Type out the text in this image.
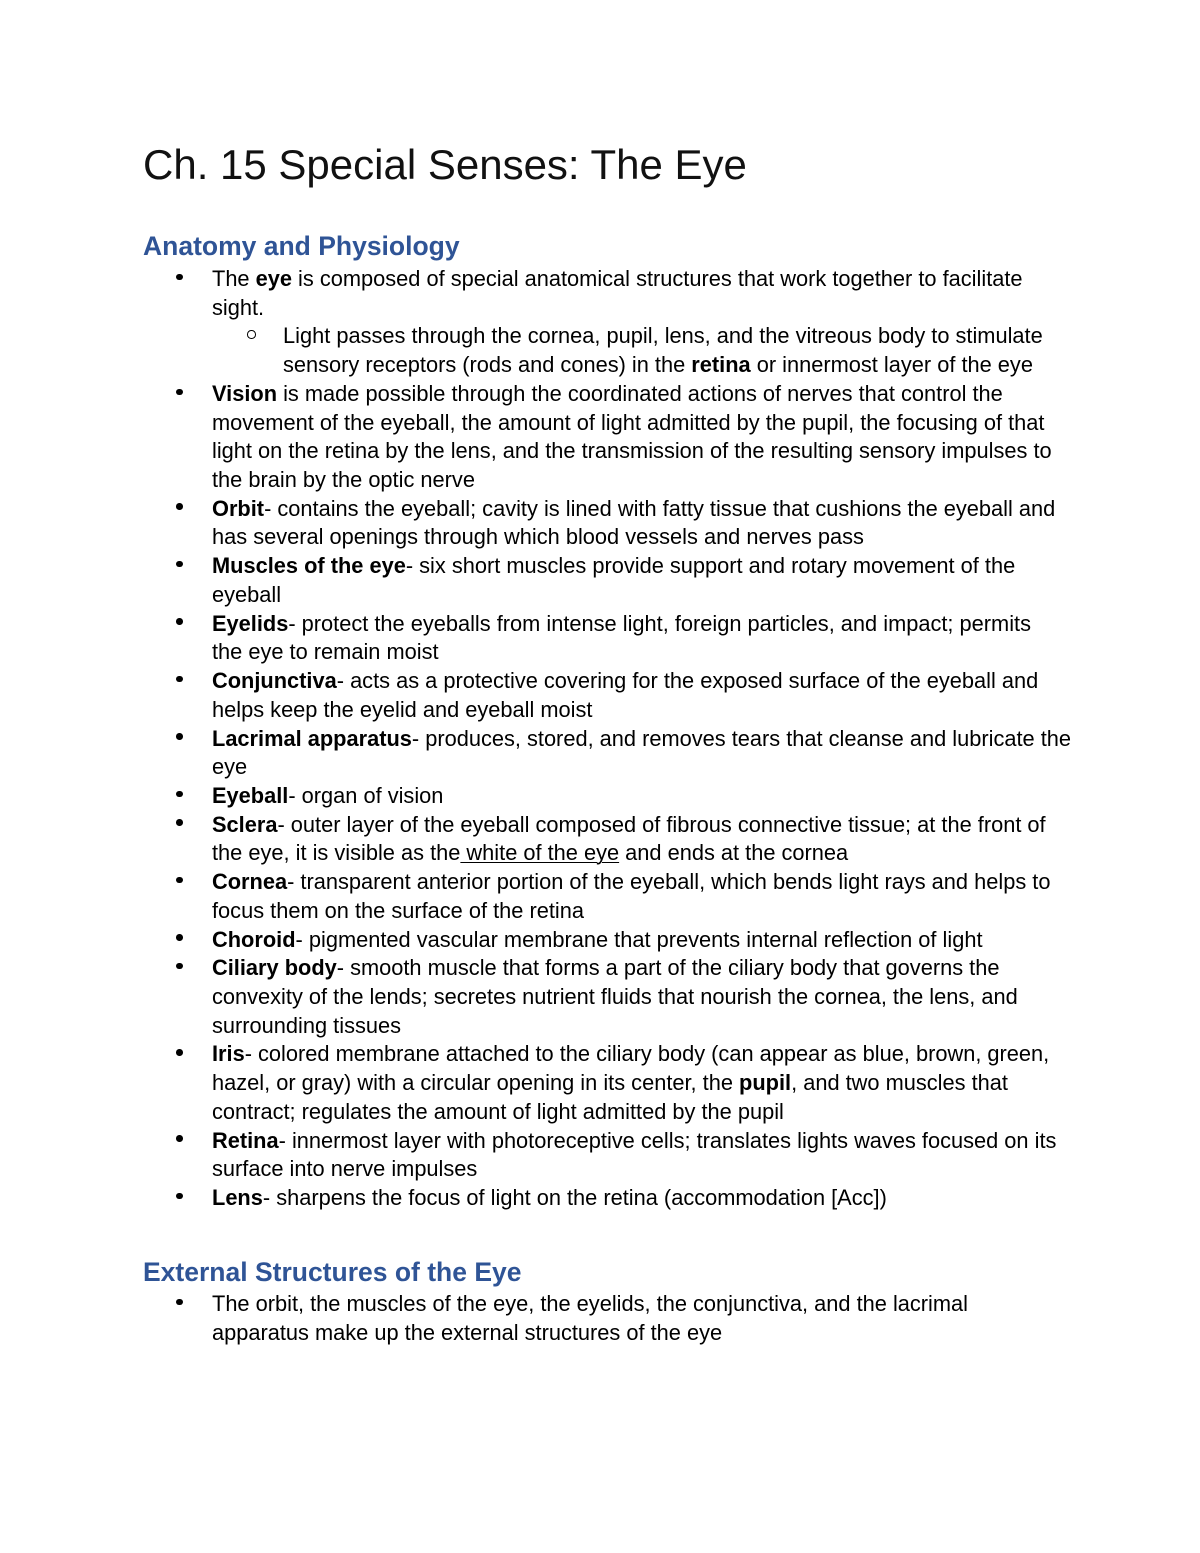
Ch. 15 Special Senses: The Eye
Anatomy and Physiology
The eye is composed of special anatomical structures that work together to facilitate
sight.
Light passes through the cornea, pupil, lens, and the vitreous body to stimulate
sensory receptors (rods and cones) in the retina or innermost layer of the eye
Vision is made possible through the coordinated actions of nerves that control the
movement of the eyeball, the amount of light admitted by the pupil, the focusing of that
light on the retina by the lens, and the transmission of the resulting sensory impulses to
the brain by the optic nerve
Orbit- contains the eyeball; cavity is lined with fatty tissue that cushions the eyeball and
has several openings through which blood vessels and nerves pass
Muscles of the eye- six short muscles provide support and rotary movement of the
eyeball
Eyelids- protect the eyeballs from intense light, foreign particles, and impact; permits
the eye to remain moist
Conjunctiva- acts as a protective covering for the exposed surface of the eyeball and
helps keep the eyelid and eyeball moist
Lacrimal apparatus- produces, stored, and removes tears that cleanse and lubricate the
eye
Eyeball- organ of vision
Sclera- outer layer of the eyeball composed of fibrous connective tissue; at the front of
the eye, it is visible as the white of the eye and ends at the cornea
Cornea- transparent anterior portion of the eyeball, which bends light rays and helps to
focus them on the surface of the retina
Choroid- pigmented vascular membrane that prevents internal reflection of light
Ciliary body- smooth muscle that forms a part of the ciliary body that governs the
convexity of the lends; secretes nutrient fluids that nourish the cornea, the lens, and
surrounding tissues
Iris- colored membrane attached to the ciliary body (can appear as blue, brown, green,
hazel, or gray) with a circular opening in its center, the pupil, and two muscles that
contract; regulates the amount of light admitted by the pupil
Retina- innermost layer with photoreceptive cells; translates lights waves focused on its
surface into nerve impulses
Lens- sharpens the focus of light on the retina (accommodation [Acc])
External Structures of the Eye
The orbit, the muscles of the eye, the eyelids, the conjunctiva, and the lacrimal
apparatus make up the external structures of the eye
